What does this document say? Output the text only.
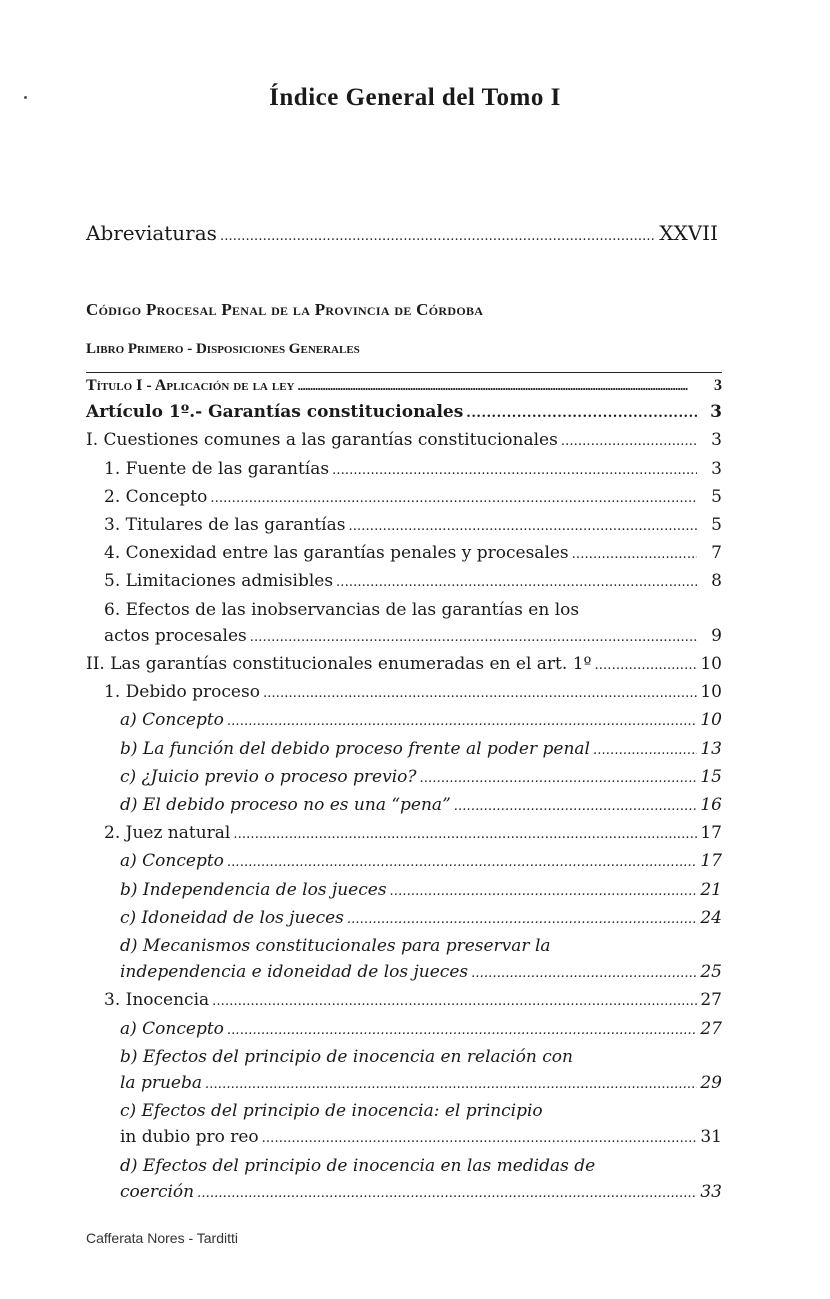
Índice General del Tomo I
Abreviaturas . . .	XXVII
Código Procesal Penal de la Provincia de Córdoba
Libro Primero - Disposiciones Generales
Título I - Aplicación de la ley . . .	3
Artículo 1º.- Garantías constitucionales . . .	3
I. Cuestiones comunes a las garantías constitucionales . . .	3
1. Fuente de las garantías . . .	3
2. Concepto . . .	5
3. Titulares de las garantías . . .	5
4. Conexidad entre las garantías penales y procesales . . .	7
5. Limitaciones admisibles . . .	8
6. Efectos de las inobservancias de las garantías en los
actos procesales . . .	9
II. Las garantías constitucionales enumeradas en el art. 1º . . .	10
1. Debido proceso . . .	10
a) Concepto . . .	10
b) La función del debido proceso frente al poder penal . . .	13
c) ¿Juicio previo o proceso previo? . . .	15
d) El debido proceso no es una “pena” . . .	16
2. Juez natural . . .	17
a) Concepto . . .	17
b) Independencia de los jueces . . .	21
c) Idoneidad de los jueces . . .	24
d) Mecanismos constitucionales para preservar la
independencia e idoneidad de los jueces . . .	25
3. Inocencia . . .	27
a) Concepto . . .	27
b) Efectos del principio de inocencia en relación con
la prueba . . .	29
c) Efectos del principio de inocencia: el principio
in dubio pro reo . . .	31
d) Efectos del principio de inocencia en las medidas de
coerción . . .	33
Cafferata Nores - Tarditti
